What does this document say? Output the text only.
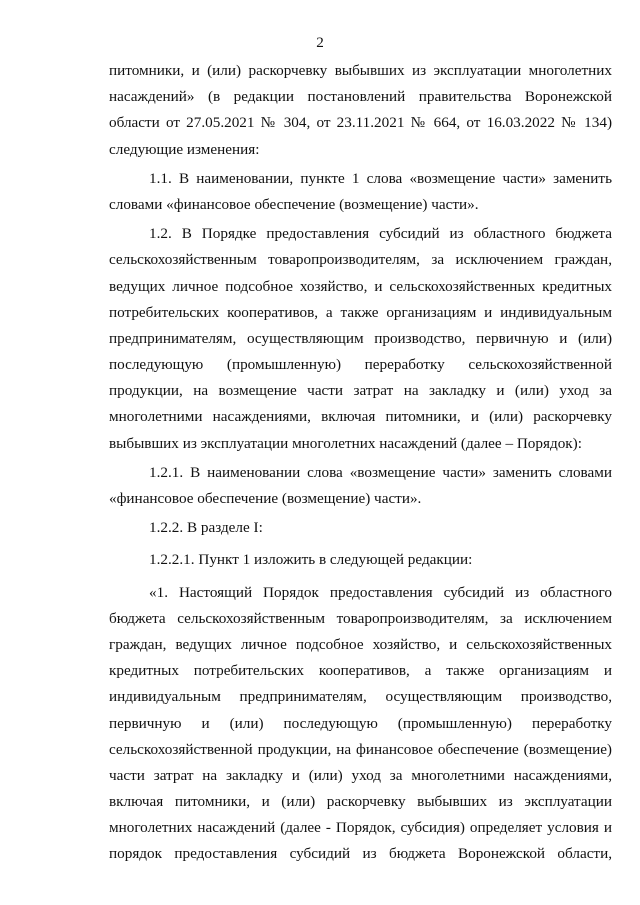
2
питомники, и (или) раскорчевку выбывших из эксплуатации многолетних
насаждений» (в редакции постановлений правительства Воронежской
области от 27.05.2021 № 304, от 23.11.2021 № 664, от 16.03.2022 № 134)
следующие изменения:
1.1. В наименовании, пункте 1 слова «возмещение части» заменить
словами «финансовое обеспечение (возмещение) части».
1.2. В Порядке предоставления субсидий из областного бюджета
сельскохозяйственным товаропроизводителям, за исключением граждан,
ведущих личное подсобное хозяйство, и сельскохозяйственных кредитных
потребительских кооперативов, а также организациям и индивидуальным
предпринимателям, осуществляющим производство, первичную и (или)
последующую (промышленную) переработку сельскохозяйственной
продукции, на возмещение части затрат на закладку и (или) уход за
многолетними насаждениями, включая питомники, и (или) раскорчевку
выбывших из эксплуатации многолетних насаждений (далее – Порядок):
1.2.1. В наименовании слова «возмещение части» заменить словами
«финансовое обеспечение (возмещение) части».
1.2.2. В разделе I:
1.2.2.1. Пункт 1 изложить в следующей редакции:
«1. Настоящий Порядок предоставления субсидий из областного
бюджета сельскохозяйственным товаропроизводителям, за исключением
граждан, ведущих личное подсобное хозяйство, и сельскохозяйственных
кредитных потребительских кооперативов, а также организациям и
индивидуальным предпринимателям, осуществляющим производство,
первичную и (или) последующую (промышленную) переработку
сельскохозяйственной продукции, на финансовое обеспечение (возмещение)
части затрат на закладку и (или) уход за многолетними насаждениями,
включая питомники, и (или) раскорчевку выбывших из эксплуатации
многолетних насаждений (далее - Порядок, субсидия) определяет условия и
порядок предоставления субсидий из бюджета Воронежской области,
